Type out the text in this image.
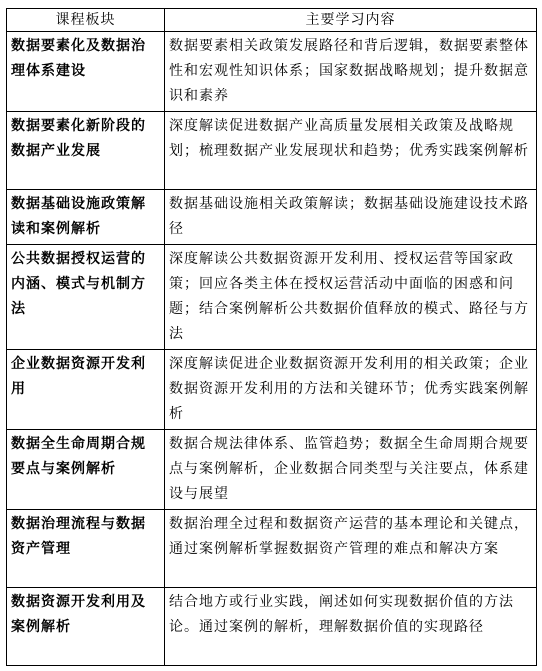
课程板块	主要学习内容
数据要素化及数据治理体系建设	数据要素相关政策发展路径和背后逻辑，数据要素整体性和宏观性知识体系；国家数据战略规划；提升数据意识和素养
数据要素化新阶段的数据产业发展	深度解读促进数据产业高质量发展相关政策及战略规划；梳理数据产业发展现状和趋势；优秀实践案例解析
数据基础设施政策解读和案例解析	数据基础设施相关政策解读；数据基础设施建设技术路径
公共数据授权运营的内涵、模式与机制方法	深度解读公共数据资源开发利用、授权运营等国家政策；回应各类主体在授权运营活动中面临的困惑和问题；结合案例解析公共数据价值释放的模式、路径与方法
企业数据资源开发利用	深度解读促进企业数据资源开发利用的相关政策；企业数据资源开发利用的方法和关键环节；优秀实践案例解析
数据全生命周期合规要点与案例解析	数据合规法律体系、监管趋势；数据全生命周期合规要点与案例解析，企业数据合同类型与关注要点，体系建设与展望
数据治理流程与数据资产管理	数据治理全过程和数据资产运营的基本理论和关键点，通过案例解析掌握数据资产管理的难点和解决方案
数据资源开发利用及案例解析	结合地方或行业实践，阐述如何实现数据价值的方法论。通过案例的解析，理解数据价值的实现路径
